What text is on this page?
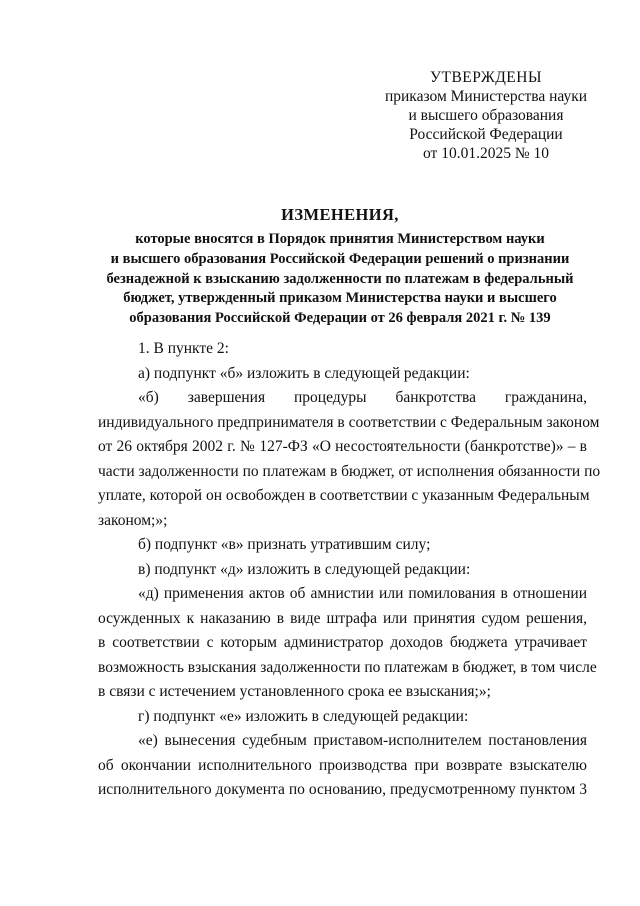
УТВЕРЖДЕНЫ
приказом Министерства науки
и высшего образования
Российской Федерации
от 10.01.2025 № 10
ИЗМЕНЕНИЯ,
которые вносятся в Порядок принятия Министерством науки
и высшего образования Российской Федерации решений о признании
безнадежной к взысканию задолженности по платежам в федеральный
бюджет, утвержденный приказом Министерства науки и высшего
образования Российской Федерации от 26 февраля 2021 г. № 139

1. В пункте 2:

а) подпункт «б» изложить в следующей редакции:

«б) завершения процедуры банкротства гражданина,
индивидуального предпринимателя в соответствии с Федеральным законом
от 26 октября 2002 г. № 127-ФЗ «О несостоятельности (банкротстве)» – в
части задолженности по платежам в бюджет, от исполнения обязанности по
уплате, которой он освобожден в соответствии с указанным Федеральным
законом;»;

б) подпункт «в» признать утратившим силу;

в) подпункт «д» изложить в следующей редакции:

«д) применения актов об амнистии или помилования в отношении
осужденных к наказанию в виде штрафа или принятия судом решения,
в соответствии с которым администратор доходов бюджета утрачивает
возможность взыскания задолженности по платежам в бюджет, в том числе
в связи с истечением установленного срока ее взыскания;»;

г) подпункт «е» изложить в следующей редакции:

«е) вынесения судебным приставом-исполнителем постановления
об окончании исполнительного производства при возврате взыскателю
исполнительного документа по основанию, предусмотренному пунктом 3
